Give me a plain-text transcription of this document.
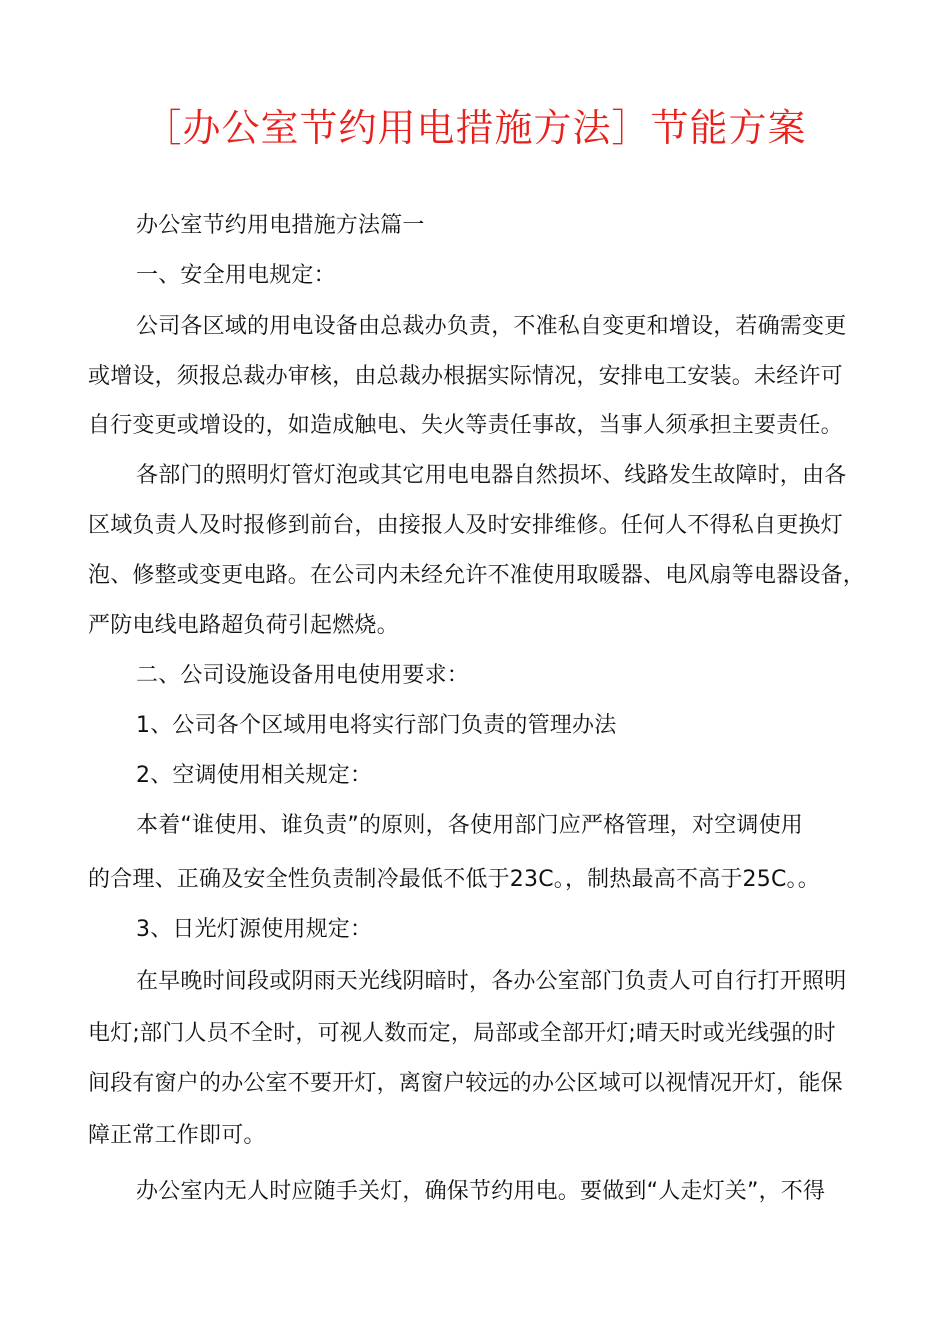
［办公室节约用电措施方法］节能方案
办公室节约用电措施方法篇一
一、安全用电规定：
公司各区域的用电设备由总裁办负责，不准私自变更和增设，若确需变更
或增设，须报总裁办审核，由总裁办根据实际情况，安排电工安装。未经许可
自行变更或增设的，如造成触电、失火等责任事故，当事人须承担主要责任。
各部门的照明灯管灯泡或其它用电电器自然损坏、线路发生故障时，由各
区域负责人及时报修到前台，由接报人及时安排维修。任何人不得私自更换灯
泡、修整或变更电路。在公司内未经允许不准使用取暖器、电风扇等电器设备，
严防电线电路超负荷引起燃烧。
二、公司设施设备用电使用要求：
1、公司各个区域用电将实行部门负责的管理办法
2、空调使用相关规定：
本着“谁使用、谁负责”的原则，各使用部门应严格管理，对空调使用
的合理、正确及安全性负责制冷最低不低于23C。，制热最高不高于25C。。
3、日光灯源使用规定：
在早晚时间段或阴雨天光线阴暗时，各办公室部门负责人可自行打开照明
电灯;部门人员不全时，可视人数而定，局部或全部开灯;晴天时或光线强的时
间段有窗户的办公室不要开灯，离窗户较远的办公区域可以视情况开灯，能保
障正常工作即可。
办公室内无人时应随手关灯，确保节约用电。要做到“人走灯关”，不得
